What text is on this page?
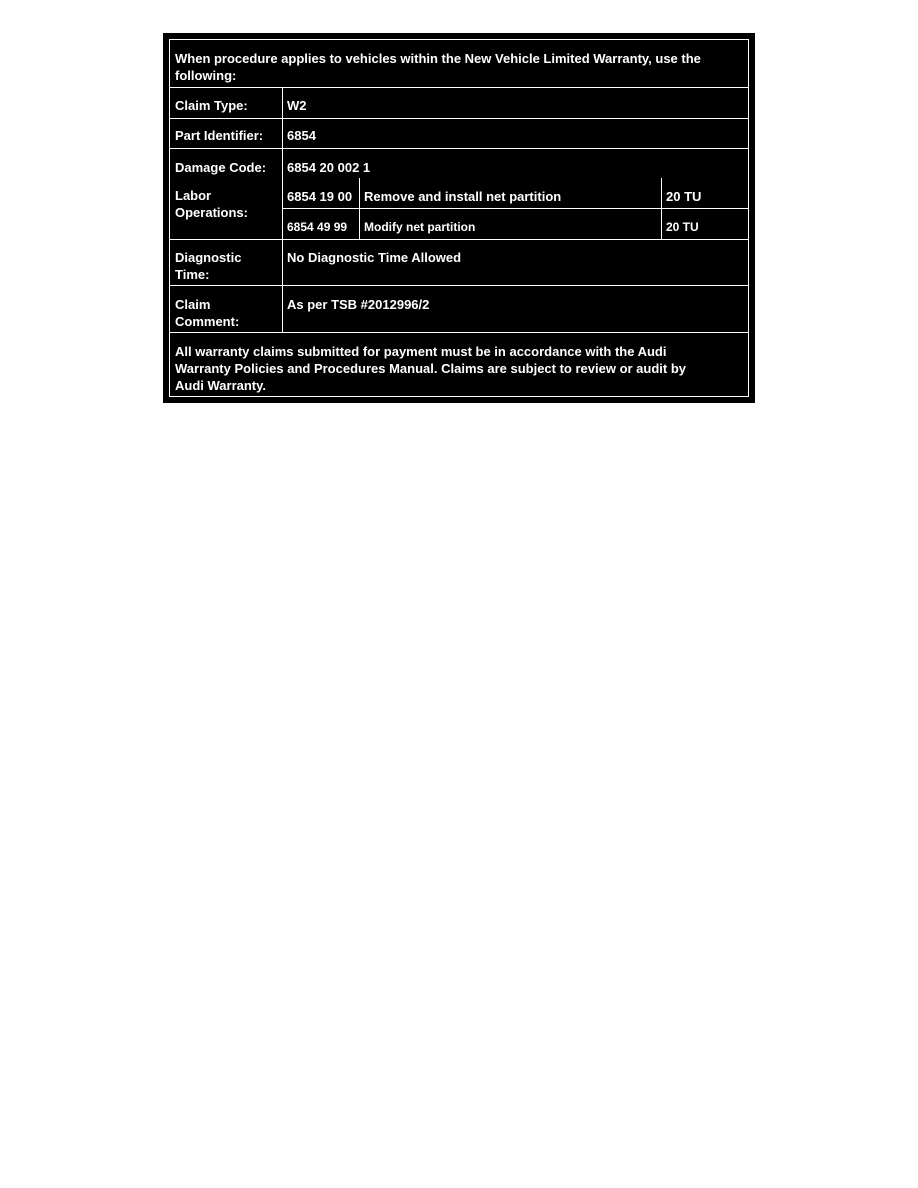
When procedure applies to vehicles within the New Vehicle Limited Warranty, use the following:
Claim Type:	W2
Part Identifier:	6854
Damage Code:	6854 20 002 1
Labor Operations:
6854 19 00 Remove and install net partition	20 TU
6854 49 99	Modify net partition	20 TU
Diagnostic
Time:
No Diagnostic Time Allowed
Claim
Comment:
As per TSB #2012996/2
All warranty claims submitted for payment must be in accordance with the Audi Warranty Policies and Procedures Manual. Claims are subject to review or audit by Audi Warranty.
